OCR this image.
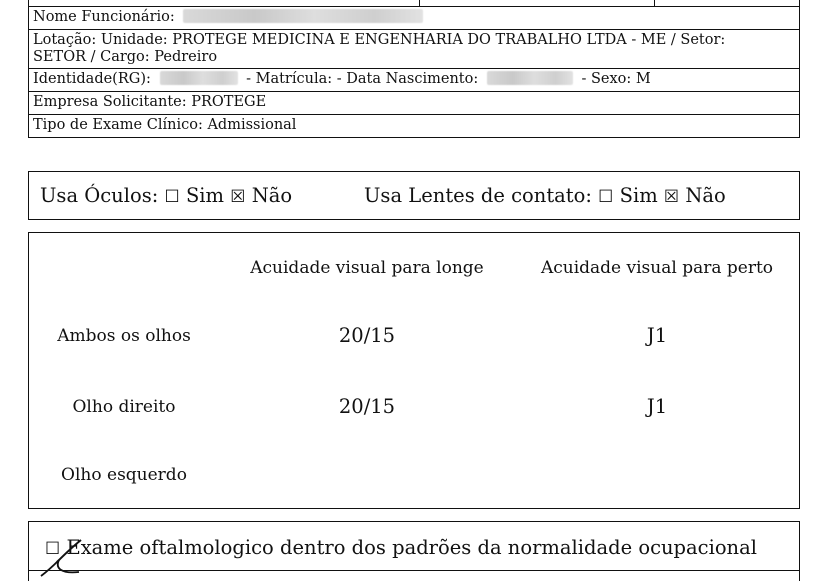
Nome Funcionário:
Lotação: Unidade: PROTEGE MEDICINA E ENGENHARIA DO TRABALHO LTDA - ME / Setor:
SETOR / Cargo: Pedreiro
Identidade(RG):	- Matrícula: - Data Nascimento:	- Sexo: M
Empresa Solicitante: PROTEGE
Tipo de Exame Clínico: Admissional
Usa Óculos: ☐ Sim ☒ Não	Usa Lentes de contato: ☐ Sim ☒ Não
Acuidade visual para longe	Acuidade visual para perto
Ambos os olhos	20/15	J1
Olho direito	20/15	J1
Olho esquerdo
☐ Exame oftalmologico dentro dos padrões da normalidade ocupacional
